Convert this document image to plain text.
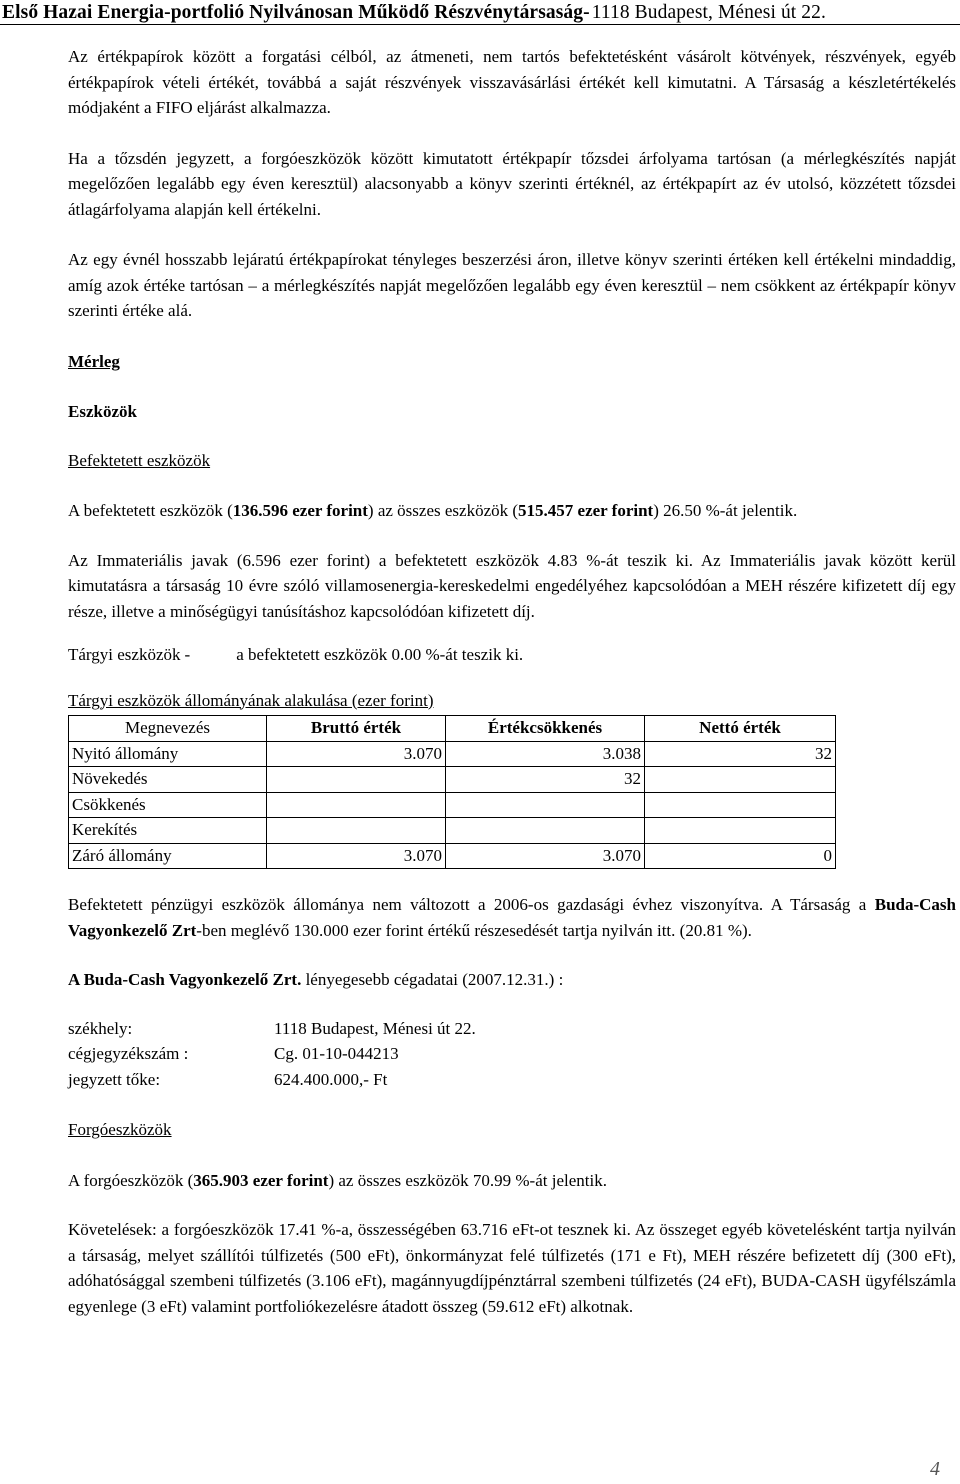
Első Hazai Energia-portfolió Nyilvánosan Működő Részvénytársaság- 1118 Budapest, Ménesi út 22.

Az értékpapírok között a forgatási célból, az átmeneti, nem tartós befektetésként vásárolt kötvények, részvények, egyéb értékpapírok vételi értékét, továbbá a saját részvények visszavásárlási értékét kell kimutatni. A Társaság a készletértékelés módjaként a FIFO eljárást alkalmazza.

Ha a tőzsdén jegyzett, a forgóeszközök között kimutatott értékpapír tőzsdei árfolyama tartósan (a mérlegkészítés napját megelőzően legalább egy éven keresztül) alacsonyabb a könyv szerinti értéknél, az értékpapírt az év utolsó, közzétett tőzsdei átlagárfolyama alapján kell értékelni.

Az egy évnél hosszabb lejáratú értékpapírokat tényleges beszerzési áron, illetve könyv szerinti értéken kell értékelni mindaddig, amíg azok értéke tartósan – a mérlegkészítés napját megelőzően legalább egy éven keresztül – nem csökkent az értékpapír könyv szerinti értéke alá.

Mérleg

Eszközök

Befektetett eszközök

A befektetett eszközök (136.596 ezer forint) az összes eszközök (515.457 ezer forint) 26.50 %-át jelentik.

Az Immateriális javak (6.596 ezer forint) a befektetett eszközök 4.83 %-át teszik ki. Az Immateriális javak között kerül kimutatásra a társaság 10 évre szóló villamosenergia-kereskedelmi engedélyéhez kapcsolódóan a MEH részére kifizetett díj egy része, illetve a minőségügyi tanúsításhoz kapcsolódóan kifizetett díj.

Tárgyi eszközök -	a befektetett eszközök 0.00 %-át teszik ki.

Tárgyi eszközök állományának alakulása (ezer forint)

Megnevezés	Bruttó érték	Értékcsökkenés	Nettó érték
Nyitó állomány	3.070	3.038	32
Növekedés		32	
Csökkenés			
Kerekítés			
Záró állomány	3.070	3.070	0

Befektetett pénzügyi eszközök állománya nem változott a 2006-os gazdasági évhez viszonyítva. A Társaság a Buda-Cash Vagyonkezelő Zrt-ben meglévő 130.000 ezer forint értékű részesedését tartja nyilván itt. (20.81 %).

A Buda-Cash Vagyonkezelő Zrt. lényegesebb cégadatai (2007.12.31.) :

székhely:	1118 Budapest, Ménesi út 22.
cégjegyzékszám :	Cg. 01-10-044213
jegyzett tőke:	624.400.000,- Ft

Forgóeszközök

A forgóeszközök (365.903 ezer forint) az összes eszközök 70.99 %-át jelentik.

Követelések: a forgóeszközök 17.41 %-a, összességében 63.716 eFt-ot tesznek ki. Az összeget egyéb követelésként tartja nyilván a társaság, melyet szállítói túlfizetés (500 eFt), önkormányzat felé túlfizetés (171 e Ft), MEH részére befizetett díj (300 eFt), adóhatósággal szembeni túlfizetés (3.106 eFt), magánnyugdíjpénztárral szembeni túlfizetés (24 eFt), BUDA-CASH ügyfélszámla egyenlege (3 eFt) valamint portfoliókezelésre átadott összeg (59.612 eFt) alkotnak.

4
